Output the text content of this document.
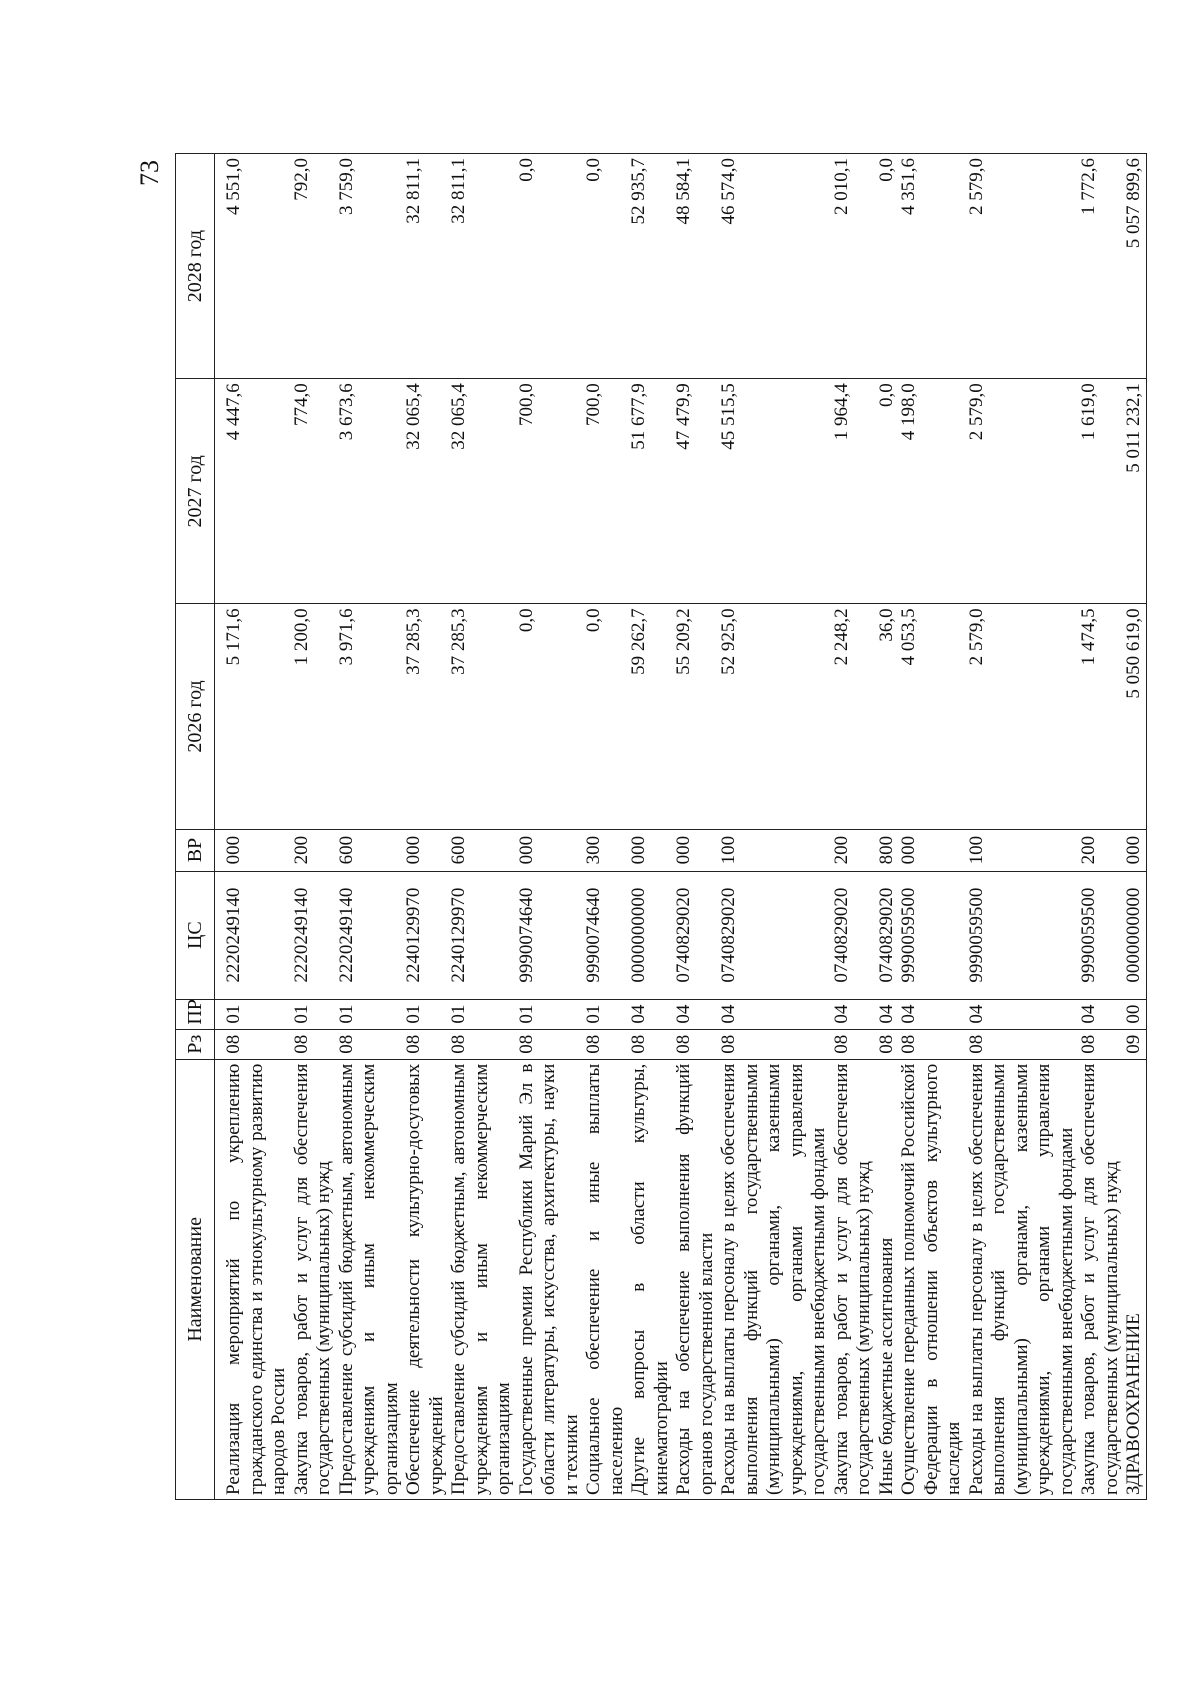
73
Наименование	Рз	ПР	ЦС	ВР	2026 год	2027 год	2028 год
Реализация мероприятий по укреплению гражданского единства и этнокультурному развитию народов России	08	01	2220249140	000	5 171,6	4 447,6	4 551,0
Закупка товаров, работ и услуг для обеспечения государственных (муниципальных) нужд	08	01	2220249140	200	1 200,0	774,0	792,0
Предоставление субсидий бюджетным, автономным учреждениям и иным некоммерческим организациям	08	01	2220249140	600	3 971,6	3 673,6	3 759,0
Обеспечение деятельности культурно-досуговых учреждений	08	01	2240129970	000	37 285,3	32 065,4	32 811,1
Предоставление субсидий бюджетным, автономным учреждениям и иным некоммерческим организациям	08	01	2240129970	600	37 285,3	32 065,4	32 811,1
Государственные премии Республики Марий Эл в области литературы, искусства, архитектуры, науки и техники	08	01	9990074640	000	0,0	700,0	0,0
Социальное обеспечение и иные выплаты населению	08	01	9990074640	300	0,0	700,0	0,0
Другие вопросы в области культуры, кинематографии	08	04	0000000000	000	59 262,7	51 677,9	52 935,7
Расходы на обеспечение выполнения функций органов государственной власти	08	04	0740829020	000	55 209,2	47 479,9	48 584,1
Расходы на выплаты персоналу в целях обеспечения выполнения функций государственными (муниципальными) органами, казенными учреждениями, органами управления государственными внебюджетными фондами	08	04	0740829020	100	52 925,0	45 515,5	46 574,0
Закупка товаров, работ и услуг для обеспечения государственных (муниципальных) нужд	08	04	0740829020	200	2 248,2	1 964,4	2 010,1
Иные бюджетные ассигнования	08	04	0740829020	800	36,0	0,0	0,0
Осуществление переданных полномочий Российской Федерации в отношении объектов культурного наследия	08	04	9990059500	000	4 053,5	4 198,0	4 351,6
Расходы на выплаты персоналу в целях обеспечения выполнения функций государственными (муниципальными) органами, казенными учреждениями, органами управления государственными внебюджетными фондами	08	04	9990059500	100	2 579,0	2 579,0	2 579,0
Закупка товаров, работ и услуг для обеспечения государственных (муниципальных) нужд	08	04	9990059500	200	1 474,5	1 619,0	1 772,6
ЗДРАВООХРАНЕНИЕ	09	00	0000000000	000	5 050 619,0	5 011 232,1	5 057 899,6
